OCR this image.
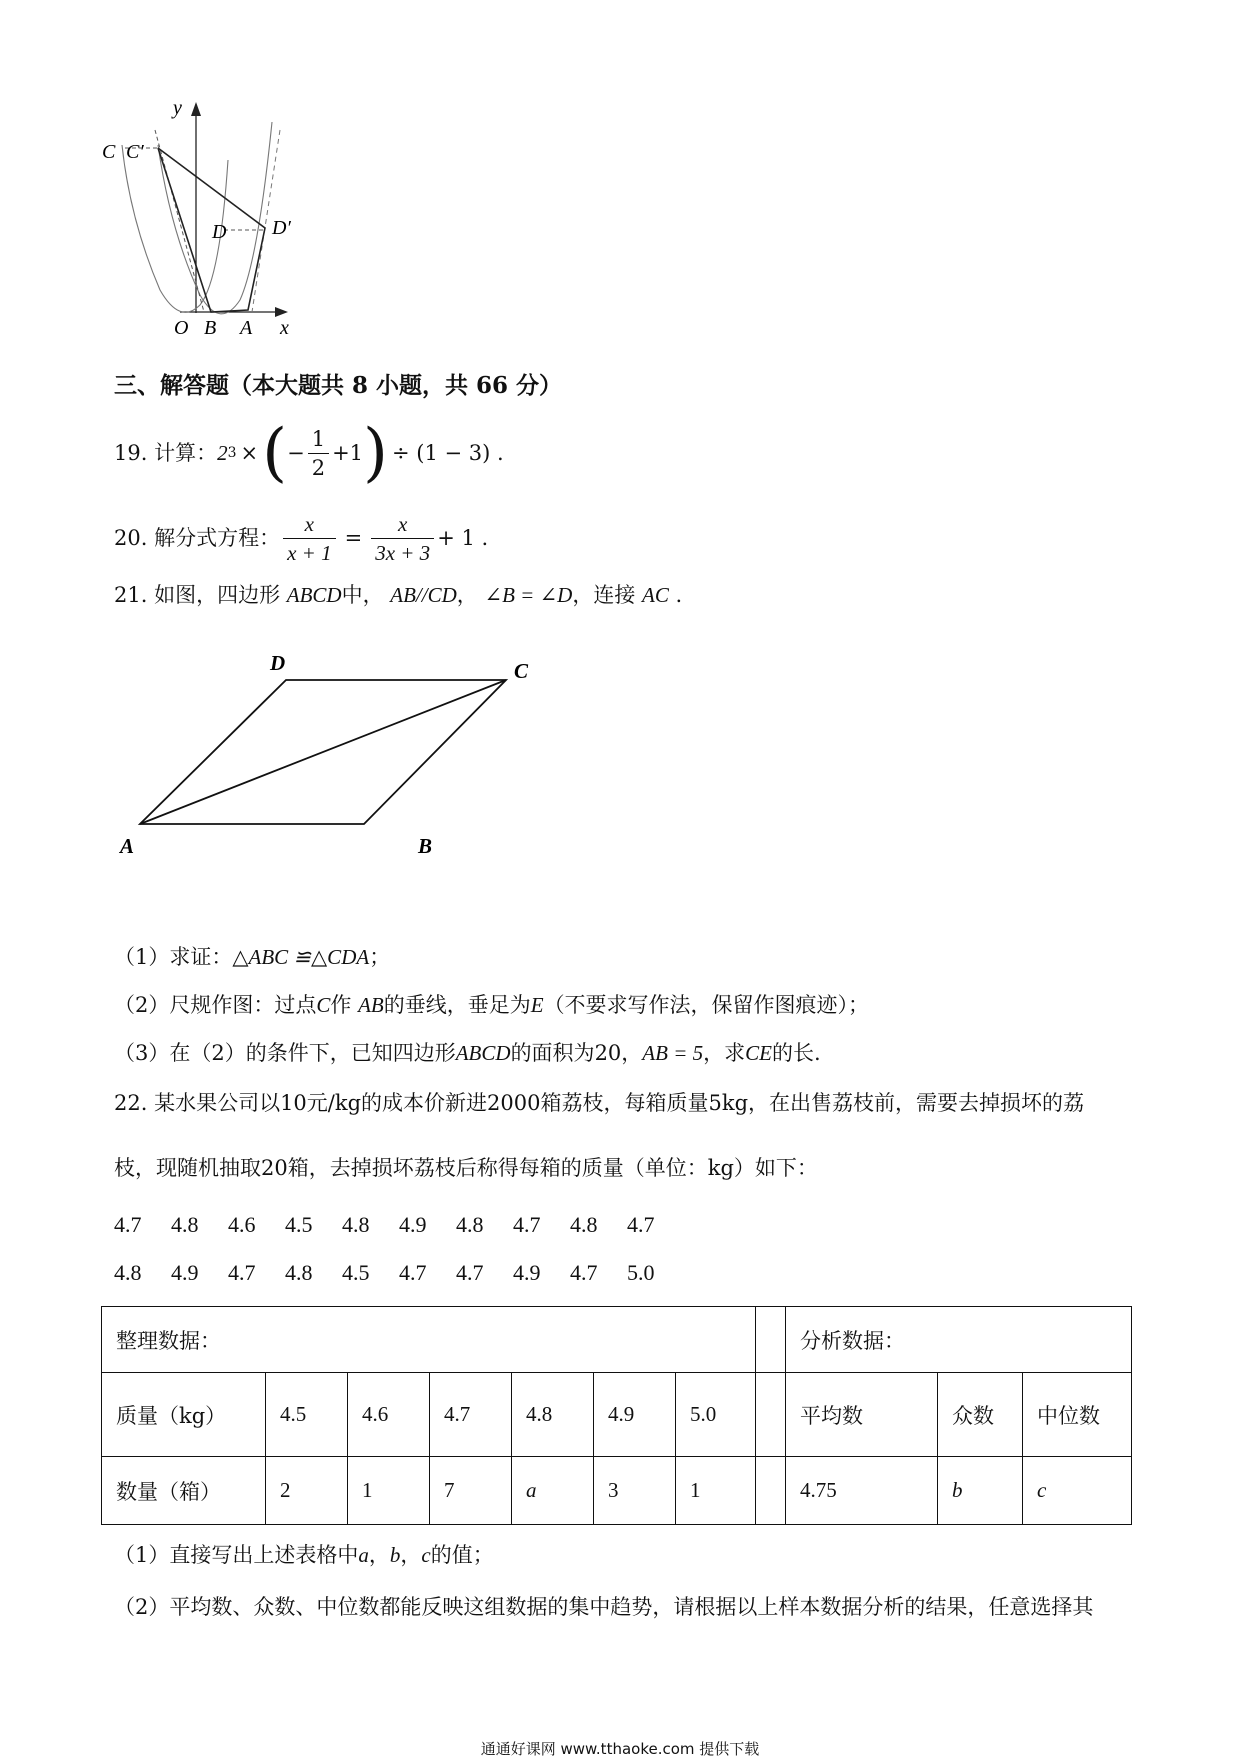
y
C C′
D D′
O B A x
三、解答题（本大题共 8 小题，共 66 分）
19. 计算： 2 3 × ( − $\frac{1}{2} +1$ ) ÷ (1 − 3) .
20. 解分式方程： $\frac{x}{x + 1} = \frac{x}{3x + 3} + 1$ .
21. 如图，四边形 ABCD中， AB//CD， ∠B = ∠D，连接 AC .
D	C
A	B
（1）求证：△ABC ≌△CDA；
（2）尺规作图：过点C作 AB的垂线，垂足为E（不要求写作法，保留作图痕迹）；
（3）在（2）的条件下，已知四边形ABCD的面积为20，AB = 5，求CE的长.
22. 某水果公司以10元/kg的成本价新进2000箱荔枝，每箱质量5kg，在出售荔枝前，需要去掉损坏的荔
枝，现随机抽取20箱，去掉损坏荔枝后称得每箱的质量（单位：kg）如下：
4.7 4.8 4.6 4.5 4.8 4.9 4.8 4.7 4.8 4.7
4.8 4.9 4.7 4.8 4.5 4.7 4.7 4.9 4.7 5.0
整理数据：								分析数据：		
质量（kg）	4.5	4.6	4.7	4.8	4.9	5.0		平均数	众数	中位数
数量（箱）	2	1	7	a	3	1		4.75	b	c
（1）直接写出上述表格中a，b，c的值；
（2）平均数、众数、中位数都能反映这组数据的集中趋势，请根据以上样本数据分析的结果，任意选择其
通通好课网 www.tthaoke.com 提供下载
